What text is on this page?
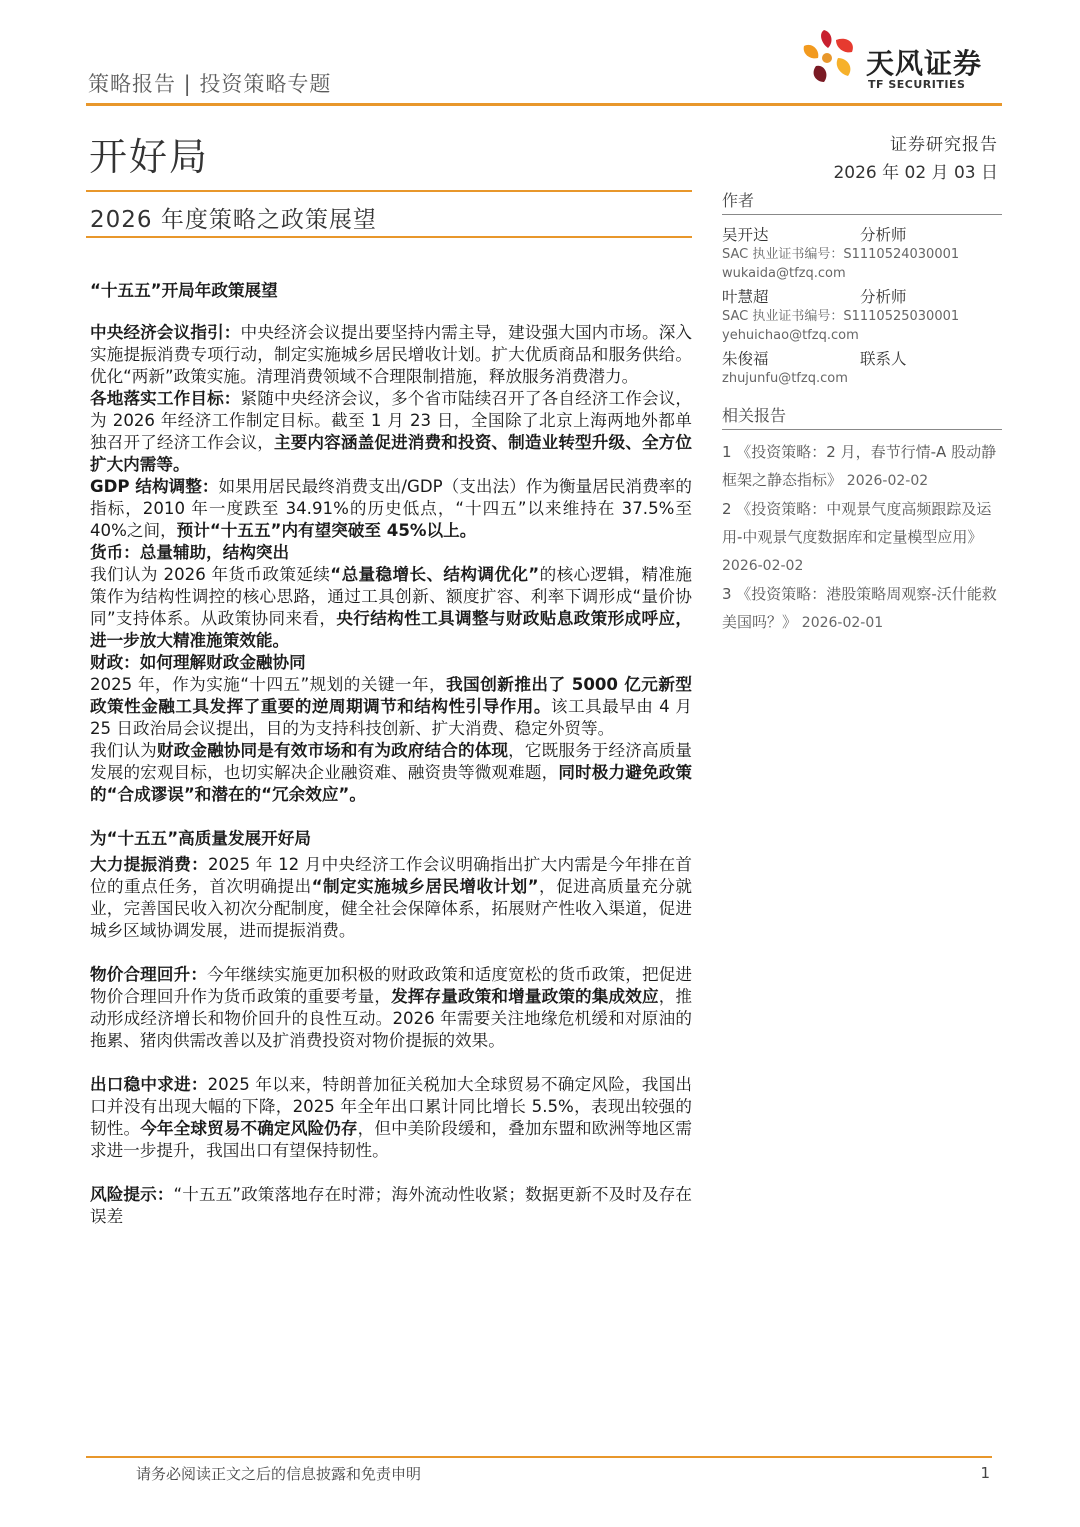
策略报告 | 投资策略专题
天风证券
TF SECURITIES
开好局	证券研究报告
2026 年 02 月 03 日
2026 年度策略之政策展望

“十五五”开局年政策展望

中央经济会议指引：中央经济会议提出要坚持内需主导，建设强大国内市场。深入实施提振消费专项行动，制定实施城乡居民增收计划。扩大优质商品和服务供给。优化“两新”政策实施。清理消费领域不合理限制措施，释放服务消费潜力。

各地落实工作目标：紧随中央经济会议，多个省市陆续召开了各自经济工作会议，为 2026 年经济工作制定目标。截至 1 月 23 日，全国除了北京上海两地外都单独召开了经济工作会议，主要内容涵盖促进消费和投资、制造业转型升级、全方位扩大内需等。

GDP 结构调整：如果用居民最终消费支出/GDP（支出法）作为衡量居民消费率的指标，2010 年一度跌至 34.91%的历史低点，“十四五”以来维持在 37.5%至 40%之间，预计“十五五”内有望突破至 45%以上。

货币：总量辅助，结构突出

我们认为 2026 年货币政策延续“总量稳增长、结构调优化”的核心逻辑，精准施策作为结构性调控的核心思路，通过工具创新、额度扩容、利率下调形成“量价协同”支持体系。从政策协同来看，央行结构性工具调整与财政贴息政策形成呼应，进一步放大精准施策效能。

财政：如何理解财政金融协同

2025 年，作为实施“十四五”规划的关键一年，我国创新推出了 5000 亿元新型政策性金融工具发挥了重要的逆周期调节和结构性引导作用。该工具最早由 4 月 25 日政治局会议提出，目的为支持科技创新、扩大消费、稳定外贸等。

我们认为财政金融协同是有效市场和有为政府结合的体现，它既服务于经济高质量发展的宏观目标，也切实解决企业融资难、融资贵等微观难题，同时极力避免政策的“合成谬误”和潜在的“冗余效应”。

为“十五五”高质量发展开好局

大力提振消费：2025 年 12 月中央经济工作会议明确指出扩大内需是今年排在首位的重点任务，首次明确提出“制定实施城乡居民增收计划”，促进高质量充分就业，完善国民收入初次分配制度，健全社会保障体系，拓展财产性收入渠道，促进城乡区域协调发展，进而提振消费。

物价合理回升：今年继续实施更加积极的财政政策和适度宽松的货币政策，把促进物价合理回升作为货币政策的重要考量，发挥存量政策和增量政策的集成效应，推动形成经济增长和物价回升的良性互动。2026 年需要关注地缘危机缓和对原油的拖累、猪肉供需改善以及扩消费投资对物价提振的效果。

出口稳中求进：2025 年以来，特朗普加征关税加大全球贸易不确定风险，我国出口并没有出现大幅的下降，2025 年全年出口累计同比增长 5.5%，表现出较强的韧性。今年全球贸易不确定风险仍存，但中美阶段缓和，叠加东盟和欧洲等地区需求进一步提升，我国出口有望保持韧性。

风险提示：“十五五”政策落地存在时滞；海外流动性收紧；数据更新不及时及存在误差

作者
吴开达	分析师
SAC 执业证书编号：S1110524030001
wukaida@tfzq.com
叶慧超	分析师
SAC 执业证书编号：S1110525030001
yehuichao@tfzq.com
朱俊福	联系人
zhujunfu@tfzq.com
相关报告
1 《投资策略：2 月，春节行情-A 股动静框架之静态指标》 2026-02-02
2 《投资策略：中观景气度高频跟踪及运用-中观景气度数据库和定量模型应用》 2026-02-02
3 《投资策略：港股策略周观察-沃什能救美国吗？》 2026-02-01
请务必阅读正文之后的信息披露和免责申明	1
